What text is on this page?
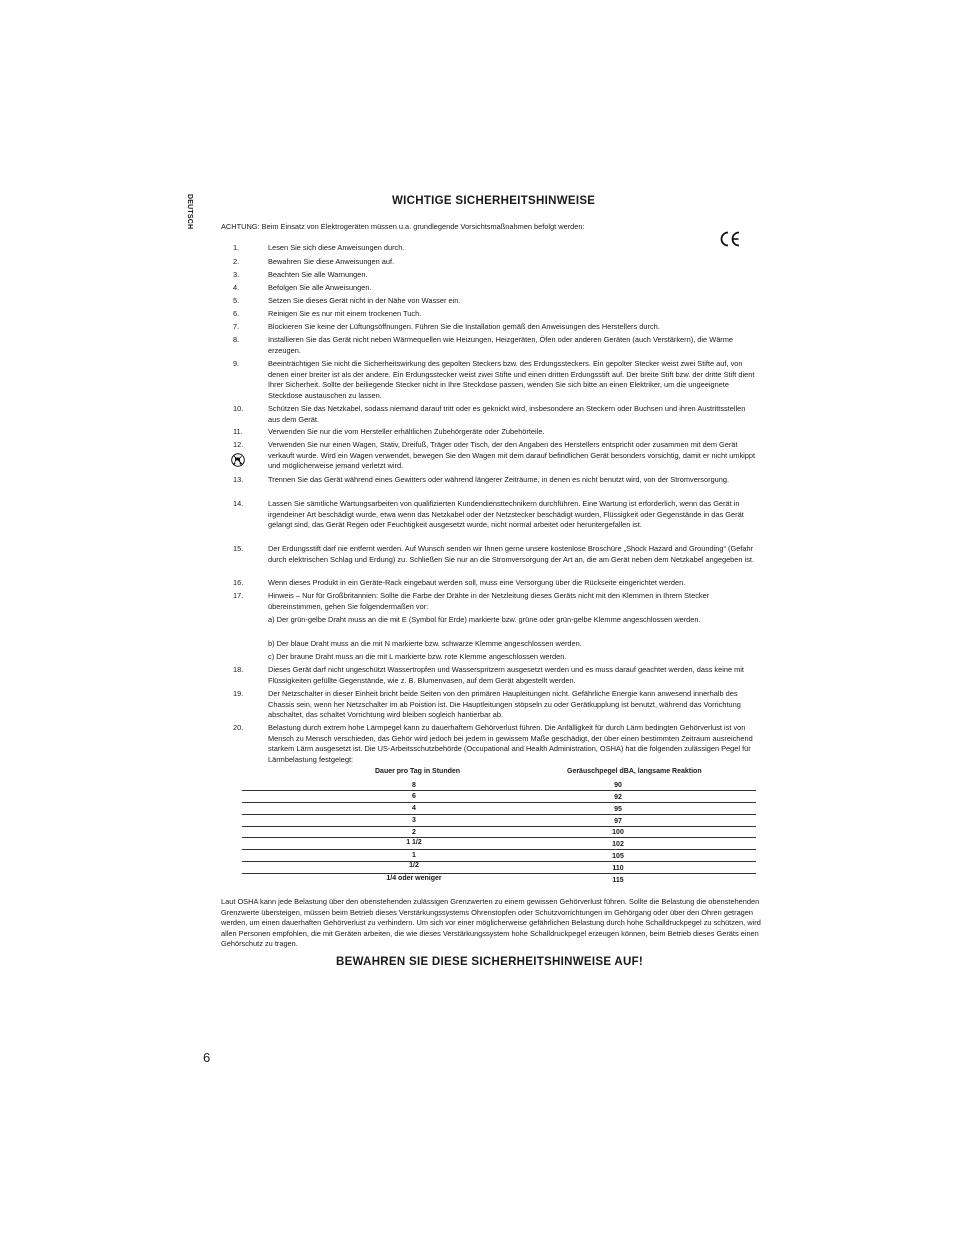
DEUTSCH	WICHTIGE SICHERHEITSHINWEISE
ACHTUNG: Beim Einsatz von Elektrogeräten müssen u.a. grundlegende Vorsichtsmaßnahmen befolgt werden:
1.	Lesen Sie sich diese Anweisungen durch.
2.	Bewahren Sie diese Anweisungen auf.
3.	Beachten Sie alle Warnungen.
4.	Befolgen Sie alle Anweisungen.
5.	Setzen Sie dieses Gerät nicht in der Nähe von Wasser ein.
6.	Reinigen Sie es nur mit einem trockenen Tuch.
7.	Blockieren Sie keine der Lüftungsöffnungen. Führen Sie die Installation gemäß den Anweisungen des Herstellers durch.
8.	Installieren Sie das Gerät nicht neben Wärmequellen wie Heizungen, Heizgeräten, Öfen oder anderen Geräten (auch Verstärkern), die Wärme erzeugen.
9.	Beeinträchtigen Sie nicht die Sicherheitswirkung des gepolten Steckers bzw. des Erdungssteckers. Ein gepolter Stecker weist zwei Stifte auf, von denen einer breiter ist als der andere. Ein Erdungsstecker weist zwei Stifte und einen dritten Erdungsstift auf. Der breite Stift bzw. der dritte Stift dient Ihrer Sicherheit. Sollte der beiliegende Stecker nicht in Ihre Steckdose passen, wenden Sie sich bitte an einen Elektriker, um die ungeeignete Steckdose austauschen zu lassen.
10.	Schützen Sie das Netzkabel, sodass niemand darauf tritt oder es geknickt wird, insbesondere an Steckern oder Buchsen und ihren Austrittsstellen aus dem Gerät.
11.	Verwenden Sie nur die vom Hersteller erhältlichen Zubehörgeräte oder Zubehörteile.
12.	Verwenden Sie nur einen Wagen, Stativ, Dreifuß, Träger oder Tisch, der den Angaben des Herstellers entspricht oder zusammen mit dem Gerät verkauft wurde. Wird ein Wagen verwendet, bewegen Sie den Wagen mit dem darauf befindlichen Gerät besonders vorsichtig, damit er nicht umkippt und möglicherweise jemand verletzt wird.
13.	Trennen Sie das Gerät während eines Gewitters oder während längerer Zeiträume, in denen es nicht benutzt wird, von der Stromversorgung.
14.	Lassen Sie sämtliche Wartungsarbeiten von qualifizierten Kundendiensttechnikern durchführen. Eine Wartung ist erforderlich, wenn das Gerät in irgendeiner Art beschädigt wurde, etwa wenn das Netzkabel oder der Netzstecker beschädigt wurden, Flüssigkeit oder Gegenstände in das Gerät gelangt sind, das Gerät Regen oder Feuchtigkeit ausgesetzt wurde, nicht normal arbeitet oder heruntergefallen ist.
15.	Der Erdungsstift darf nie entfernt werden. Auf Wunsch senden wir Ihnen gerne unsere kostenlose Broschüre „Shock Hazard and Grounding“ (Gefahr durch elektrischen Schlag und Erdung) zu. Schließen Sie nur an die Stromversorgung der Art an, die am Gerät neben dem Netzkabel angegeben ist.
16.	Wenn dieses Produkt in ein Geräte-Rack eingebaut werden soll, muss eine Versorgung über die Rückseite eingerichtet werden.
17.	Hinweis – Nur für Großbritannien: Sollte die Farbe der Drähte in der Netzleitung dieses Geräts nicht mit den Klemmen in Ihrem Stecker übereinstimmen, gehen Sie folgendermaßen vor:
a) Der grün-gelbe Draht muss an die mit E (Symbol für Erde) markierte bzw. grüne oder grün-gelbe Klemme angeschlossen werden.
b) Der blaue Draht muss an die mit N markierte bzw. schwarze Klemme angeschlossen werden.
c) Der braune Draht muss an die mit L markierte bzw. rote Klemme angeschlossen werden.
18.	Dieses Gerät darf nicht ungeschützt Wassertropfen und Wasserspritzern ausgesetzt werden und es muss darauf geachtet werden, dass keine mit Flüssigkeiten gefüllte Gegenstände, wie z. B. Blumenvasen, auf dem Gerät abgestellt werden.
19.	Der Netzschalter in dieser Einheit bricht beide Seiten von den primären Haupleitungen nicht. Gefährliche Energie kann anwesend innerhalb des Chassis sein, wenn her Netzschalter im ab Poistion ist. Die Hauptleitungen stöpseln zu oder Gerätkupplung ist benutzt, während das Vorrichtung abschaltet, das schaltet Vorrichtung wird bleiben sogleich hantierbar ab.
20.	Belastung durch extrem hohe Lärmpegel kann zu dauerhaftem Gehörverlust führen. Die Anfälligkeit für durch Lärm bedingten Gehörverlust ist von Mensch zu Mensch verschieden, das Gehör wird jedoch bei jedem in gewissem Maße geschädigt, der über einen bestimmten Zeitraum ausreichend starkem Lärm ausgesetzt ist. Die US-Arbeitsschutzbehörde (Occupational and Health Administration, OSHA) hat die folgenden zulässigen Pegel für Lärmbelastung festgelegt:
Dauer pro Tag in Stunden	Geräuschpegel dBA, langsame Reaktion
8	90
6	92
4	95
3	97
2	100
1 1/2	102
1	105
1/2	110
1/4 oder weniger	115
Laut OSHA kann jede Belastung über den obenstehenden zulässigen Grenzwerten zu einem gewissen Gehörverlust führen. Sollte die Belastung die obenstehenden Grenzwerte übersteigen, müssen beim Betrieb dieses Verstärkungssystems Ohrenstopfen oder Schutzvorrichtungen im Gehörgang oder über den Ohren getragen werden, um einen dauerhaften Gehörverlust zu verhindern. Um sich vor einer möglicherweise gefährlichen Belastung durch hohe Schalldruckpegel zu schützen, wird allen Personen empfohlen, die mit Geräten arbeiten, die wie dieses Verstärkungssystem hohe Schalldruckpegel erzeugen können, beim Betrieb dieses Geräts einen Gehörschutz zu tragen.
BEWAHREN SIE DIESE SICHERHEITSHINWEISE AUF!
6
